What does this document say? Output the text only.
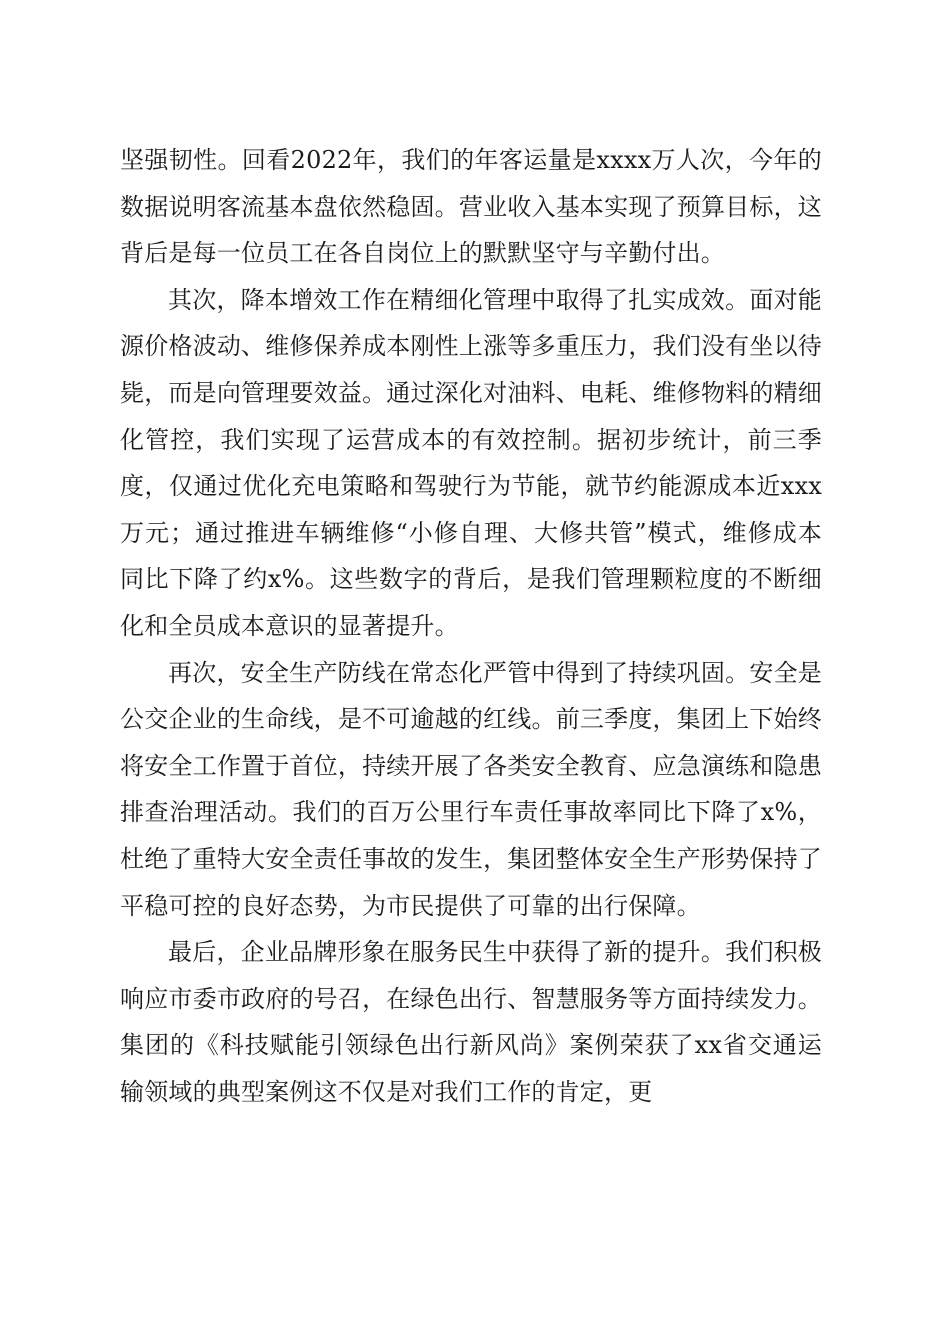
坚强韧性。回看2022年，我们的年客运量是xxxx万人次，今年的数据说明客流基本盘依然稳固。营业收入基本实现了预算目标，这背后是每一位员工在各自岗位上的默默坚守与辛勤付出。

其次，降本增效工作在精细化管理中取得了扎实成效。面对能源价格波动、维修保养成本刚性上涨等多重压力，我们没有坐以待毙，而是向管理要效益。通过深化对油料、电耗、维修物料的精细化管控，我们实现了运营成本的有效控制。据初步统计，前三季度，仅通过优化充电策略和驾驶行为节能，就节约能源成本近xxx万元；通过推进车辆维修“小修自理、大修共管”模式，维修成本同比下降了约x%。这些数字的背后，是我们管理颗粒度的不断细化和全员成本意识的显著提升。

再次，安全生产防线在常态化严管中得到了持续巩固。安全是公交企业的生命线，是不可逾越的红线。前三季度，集团上下始终将安全工作置于首位，持续开展了各类安全教育、应急演练和隐患排查治理活动。我们的百万公里行车责任事故率同比下降了x%，杜绝了重特大安全责任事故的发生，集团整体安全生产形势保持了平稳可控的良好态势，为市民提供了可靠的出行保障。

最后，企业品牌形象在服务民生中获得了新的提升。我们积极响应市委市政府的号召，在绿色出行、智慧服务等方面持续发力。集团的《科技赋能引领绿色出行新风尚》案例荣获了xx省交通运输领域的典型案例这不仅是对我们工作的肯定，更
